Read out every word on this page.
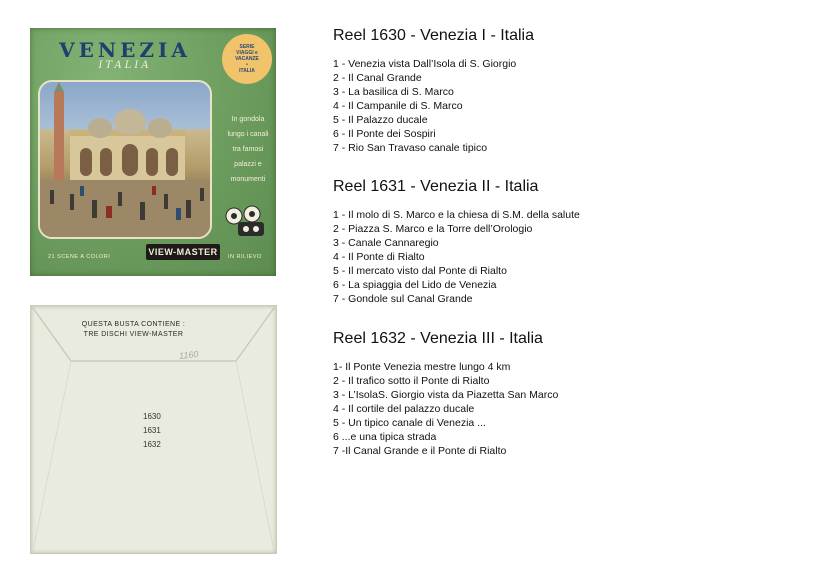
VENEZIA
ITALIA
SERIE
VIAGGI e
VACANZE
•
ITALIA
In gondola
lungo i canali
tra famosi
palazzi e
monumenti
21 SCENE A COLORI	VIEW-MASTER	IN RILIEVO
QUESTA BUSTA CONTIENE :
TRE DISCHI VIEW-MASTER
1160
1630
1631
1632
Reel 1630 - Venezia I - Italia
1 - Venezia vista Dall’Isola di S. Giorgio
2 - Il Canal Grande
3 - La basilica di S. Marco
4 - Il Campanile di S. Marco
5 - Il Palazzo ducale
6 - Il Ponte dei Sospiri
7 - Rio San Travaso canale tipico
Reel 1631 - Venezia II - Italia
1 - Il molo di S. Marco e la chiesa di S.M. della salute
2 - Piazza S. Marco e la Torre dell’Orologio
3 - Canale Cannaregio
4 - Il Ponte di Rialto
5 - Il mercato visto dal Ponte di Rialto
6 - La spiaggia del Lido de Venezia
7 - Gondole sul Canal Grande
Reel 1632 - Venezia III - Italia
1- Il Ponte Venezia mestre lungo 4 km
2 - Il trafico sotto il Ponte di Rialto
3 - L’IsolaS. Giorgio vista da Piazetta San Marco
4 - Il cortile del palazzo ducale
5 - Un tipico canale di Venezia ...
6 ...e una tipica strada
7 -Il Canal Grande e il Ponte di Rialto
